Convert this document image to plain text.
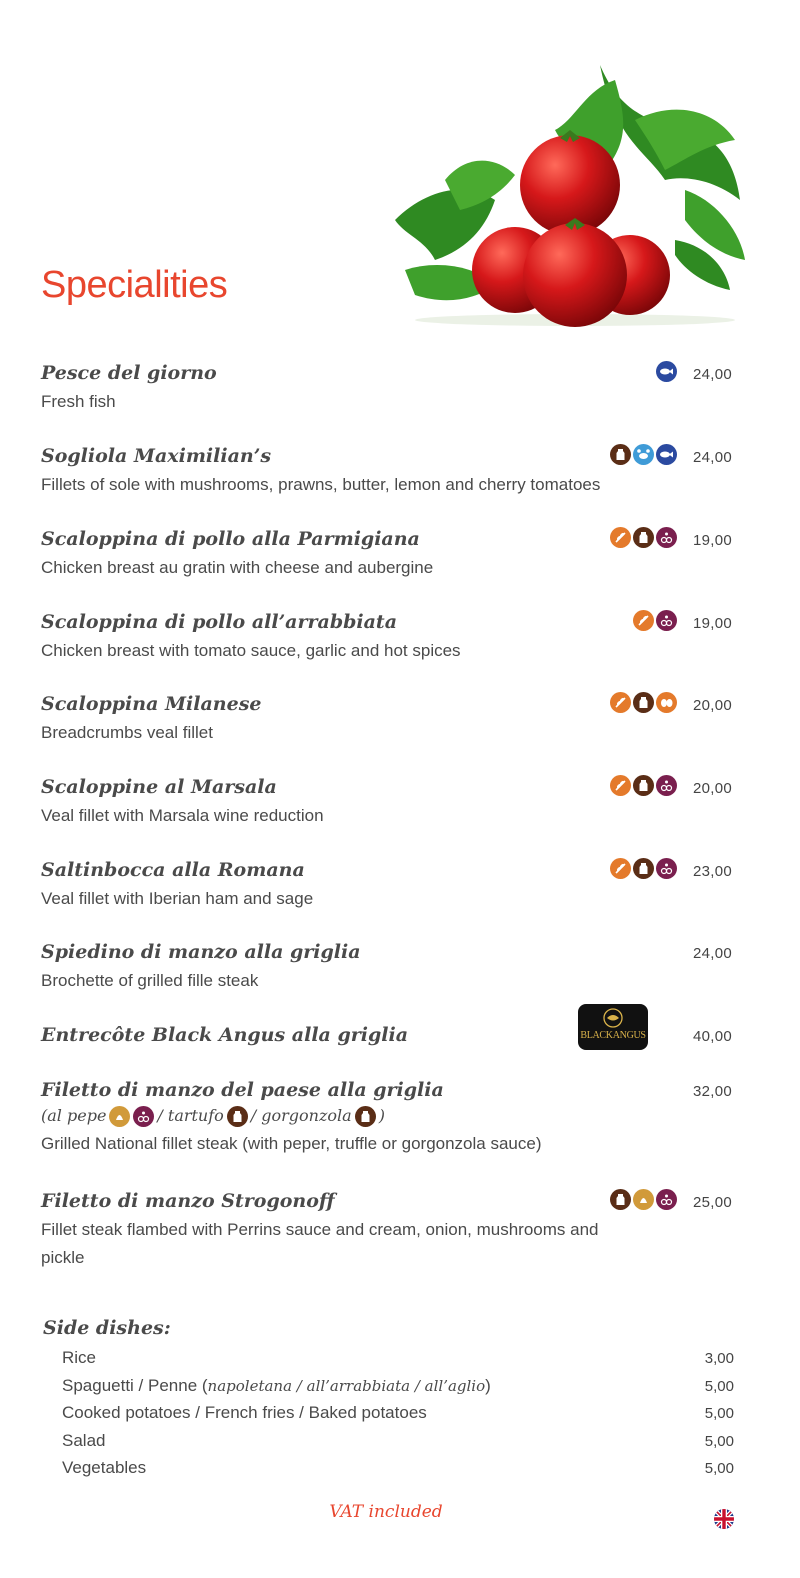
Specialities
Pesce del giorno
Fresh fish
24,00
Sogliola Maximilian’s
Fillets of sole with mushrooms, prawns, butter, lemon and cherry tomatoes
24,00
Scaloppina di pollo alla Parmigiana
Chicken breast au gratin with cheese and aubergine
19,00
Scaloppina di pollo all’arrabbiata
Chicken breast with tomato sauce, garlic and hot spices
19,00
Scaloppina Milanese
Breadcrumbs veal fillet
20,00
Scaloppine al Marsala
Veal fillet with Marsala wine reduction
20,00
Saltinbocca alla Romana
Veal fillet with Iberian ham and sage
23,00
Spiedino di manzo alla griglia
Brochette of grilled fille steak
24,00
Entrecôte Black Angus alla griglia	40,00
BLACKANGUS
Filetto di manzo del paese alla griglia
(al pepe	/ tartufo / gorgonzola )
Grilled National fillet steak (with peper, truffle or gorgonzola sauce)
32,00
Filetto di manzo Strogonoff
Fillet steak flambed with Perrins sauce and cream, onion, mushrooms and pickle
25,00
Side dishes:
Rice	3,00
Spaguetti / Penne (napoletana / all’arrabbiata / all’aglio)	5,00
Cooked potatoes / French fries / Baked potatoes	5,00
Salad	5,00
Vegetables	5,00
VAT included
